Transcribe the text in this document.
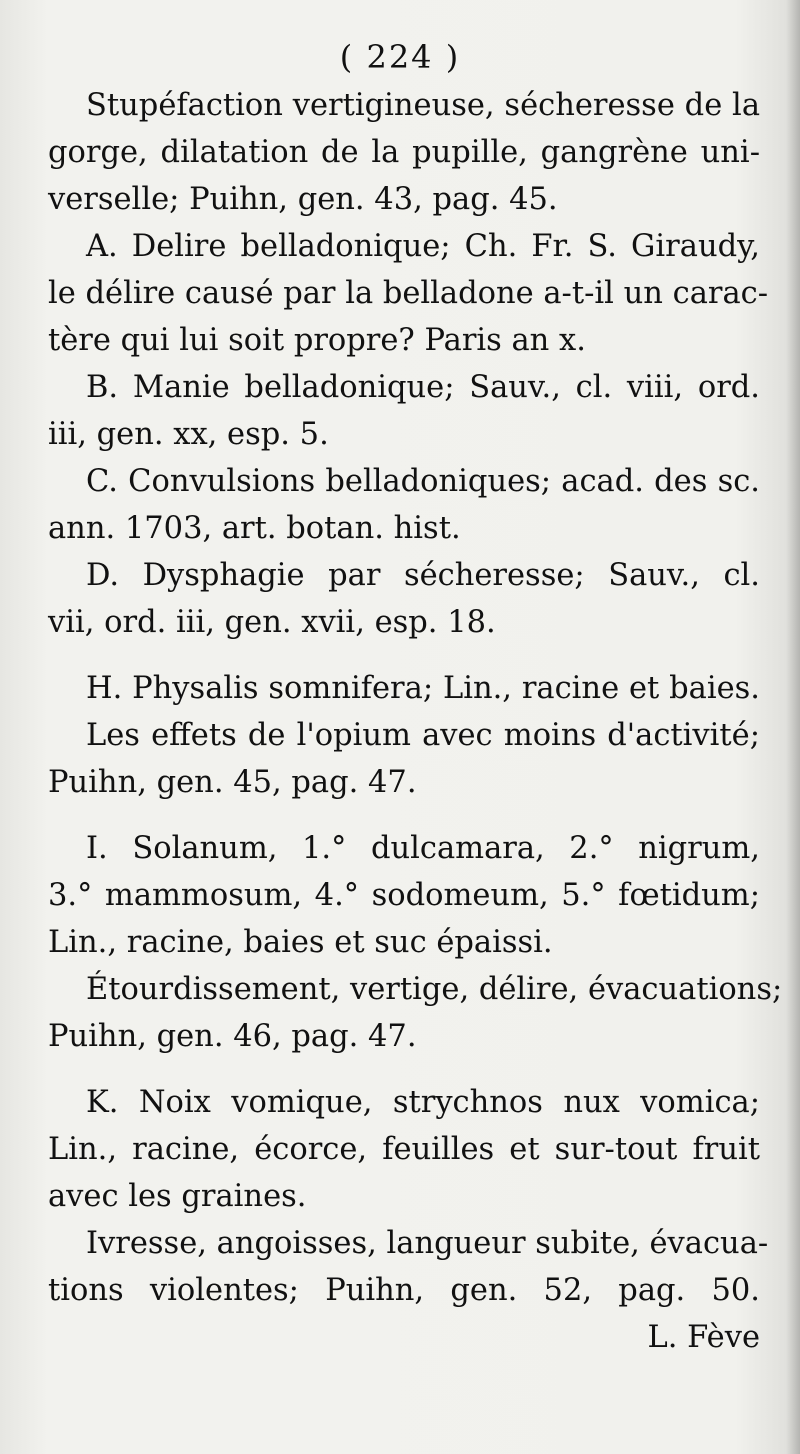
( 224 )
Stupéfaction vertigineuse, sécheresse de la
gorge, dilatation de la pupille, gangrène uni-
verselle; Puihn, gen. 43, pag. 45.
A. Delire belladonique; Ch. Fr. S. Giraudy,
le délire causé par la belladone a-t-il un carac-
tère qui lui soit propre? Paris an x.
B. Manie belladonique; Sauv., cl. viii, ord.
iii, gen. xx, esp. 5.
C. Convulsions belladoniques; acad. des sc.
ann. 1703, art. botan. hist.
D. Dysphagie par sécheresse; Sauv., cl.
vii, ord. iii, gen. xvii, esp. 18.
H. Physalis somnifera; Lin., racine et baies.
Les effets de l'opium avec moins d'activité;
Puihn, gen. 45, pag. 47.
I. Solanum, 1.° dulcamara, 2.° nigrum,
3.° mammosum, 4.° sodomeum, 5.° fœtidum;
Lin., racine, baies et suc épaissi.
Étourdissement, vertige, délire, évacuations;
Puihn, gen. 46, pag. 47.
K. Noix vomique, strychnos nux vomica;
Lin., racine, écorce, feuilles et sur-tout fruit
avec les graines.
Ivresse, angoisses, langueur subite, évacua-
tions violentes; Puihn, gen. 52, pag. 50.
L. Fève
